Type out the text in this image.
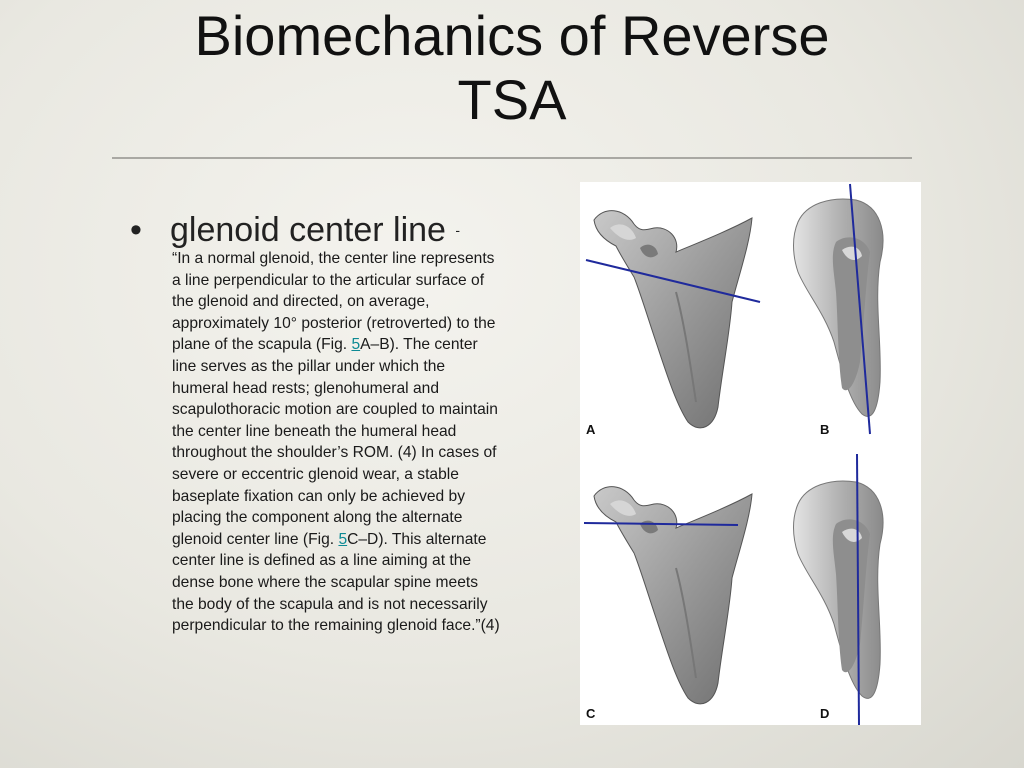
Biomechanics of Reverse
TSA
• glenoid center line -
“In a normal glenoid, the center line represents a line perpendicular to the articular surface of the glenoid and directed, on average, approximately 10° posterior (retroverted) to the plane of the scapula (Fig. 5A–B). The center line serves as the pillar under which the humeral head rests; glenohumeral and scapulothoracic motion are coupled to maintain the center line beneath the humeral head throughout the shoulder’s ROM. (4) In cases of severe or eccentric glenoid wear, a stable baseplate fixation can only be achieved by placing the component along the alternate glenoid center line (Fig. 5C–D). This alternate center line is defined as a line aiming at the dense bone where the scapular spine meets the body of the scapula and is not necessarily perpendicular to the remaining glenoid face.”(4)
A	B
C	D
